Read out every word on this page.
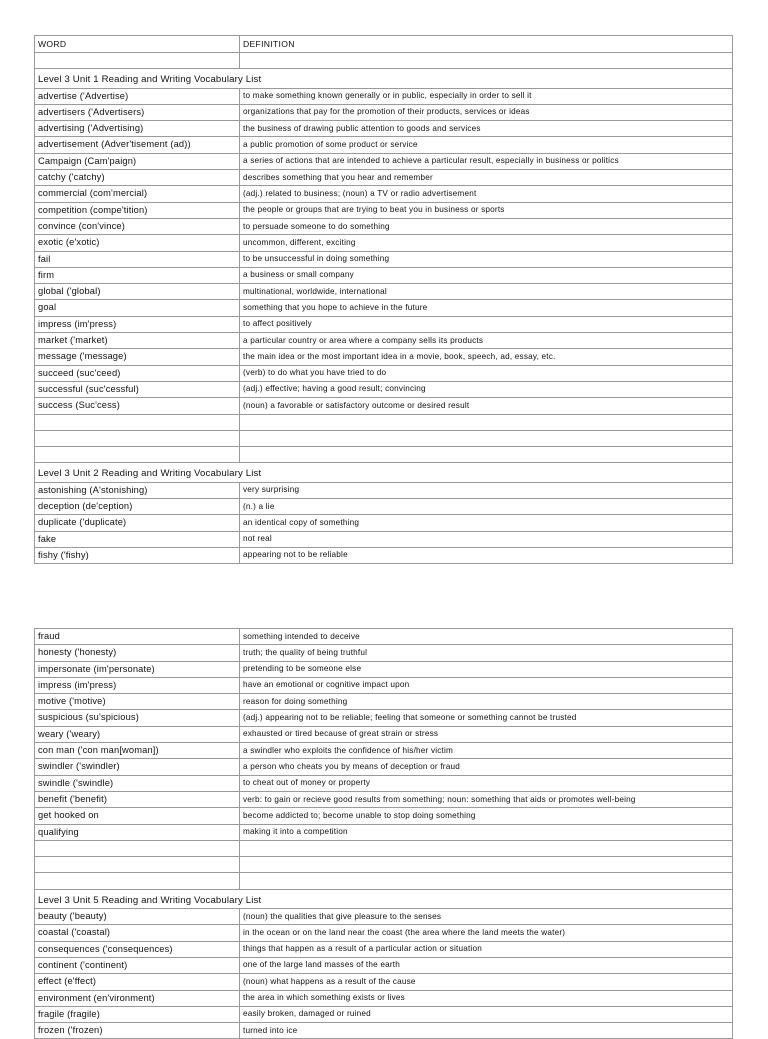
WORD	DEFINITION

Level 3 Unit 1 Reading and Writing Vocabulary List	
advertise ('Advertise)	to make something known generally or in public, especially in order to sell it
advertisers ('Advertisers)	organizations that pay for the promotion of their products, services or ideas
advertising ('Advertising)	the business of drawing public attention to goods and services
advertisement (Adver'tisement (ad))	a public promotion of some product or service
Campaign (Cam'paign)	a series of actions that are intended to achieve a particular result, especially in business or politics
catchy ('catchy)	describes something that you hear and remember
commercial (com'mercial)	(adj.) related to business; (noun) a TV or radio advertisement
competition (compe'tition)	the people or groups that are trying to beat you in business or sports
convince (con'vince)	to persuade someone to do something
exotic (e'xotic)	uncommon, different, exciting
fail	to be unsuccessful in doing something
firm	a business or small company
global ('global)	multinational, worldwide, international
goal	something that you hope to achieve in the future
impress (im'press)	to affect positively
market ('market)	a particular country or area where a company sells its products
message ('message)	the main idea or the most important idea in a movie, book, speech, ad, essay, etc.
succeed (suc'ceed)	(verb) to do what you have tried to do
successful (suc'cessful)	(adj.) effective; having a good result; convincing
success (Suc'cess)	(noun) a favorable or satisfactory outcome or desired result

Level 3 Unit 2 Reading and Writing Vocabulary List	
astonishing (A'stonishing)	very surprising
deception (de'ception)	(n.) a lie
duplicate ('duplicate)	an identical copy of something
fake	not real
fishy ('fishy)	appearing not to be reliable
fraud	something intended to deceive
honesty ('honesty)	truth; the quality of being truthful
impersonate (im'personate)	pretending to be someone else
impress (im'press)	have an emotional or cognitive impact upon
motive ('motive)	reason for doing something
suspicious (su'spicious)	(adj.) appearing not to be reliable; feeling that someone or something cannot be trusted
weary ('weary)	exhausted or tired because of great strain or stress
con man ('con man[woman])	a swindler who exploits the confidence of his/her victim
swindler ('swindler)	a person who cheats you by means of deception or fraud
swindle ('swindle)	to cheat out of money or property
benefit ('benefit)	verb: to gain or recieve good results from something; noun: something that aids or promotes well-being
get hooked on	become addicted to; become unable to stop doing something
qualifying	making it into a competition

Level 3 Unit 5 Reading and Writing Vocabulary List	
beauty ('beauty)	(noun) the qualities that give pleasure to the senses
coastal ('coastal)	in the ocean or on the land near the coast (the area where the land meets the water)
consequences ('consequences)	things that happen as a result of a particular action or situation
continent ('continent)	one of the large land masses of the earth
effect (e'ffect)	(noun) what happens as a result of the cause
environment (en'vironment)	the area in which something exists or lives
fragile (fragile)	easily broken, damaged or ruined
frozen ('frozen)	turned into ice
